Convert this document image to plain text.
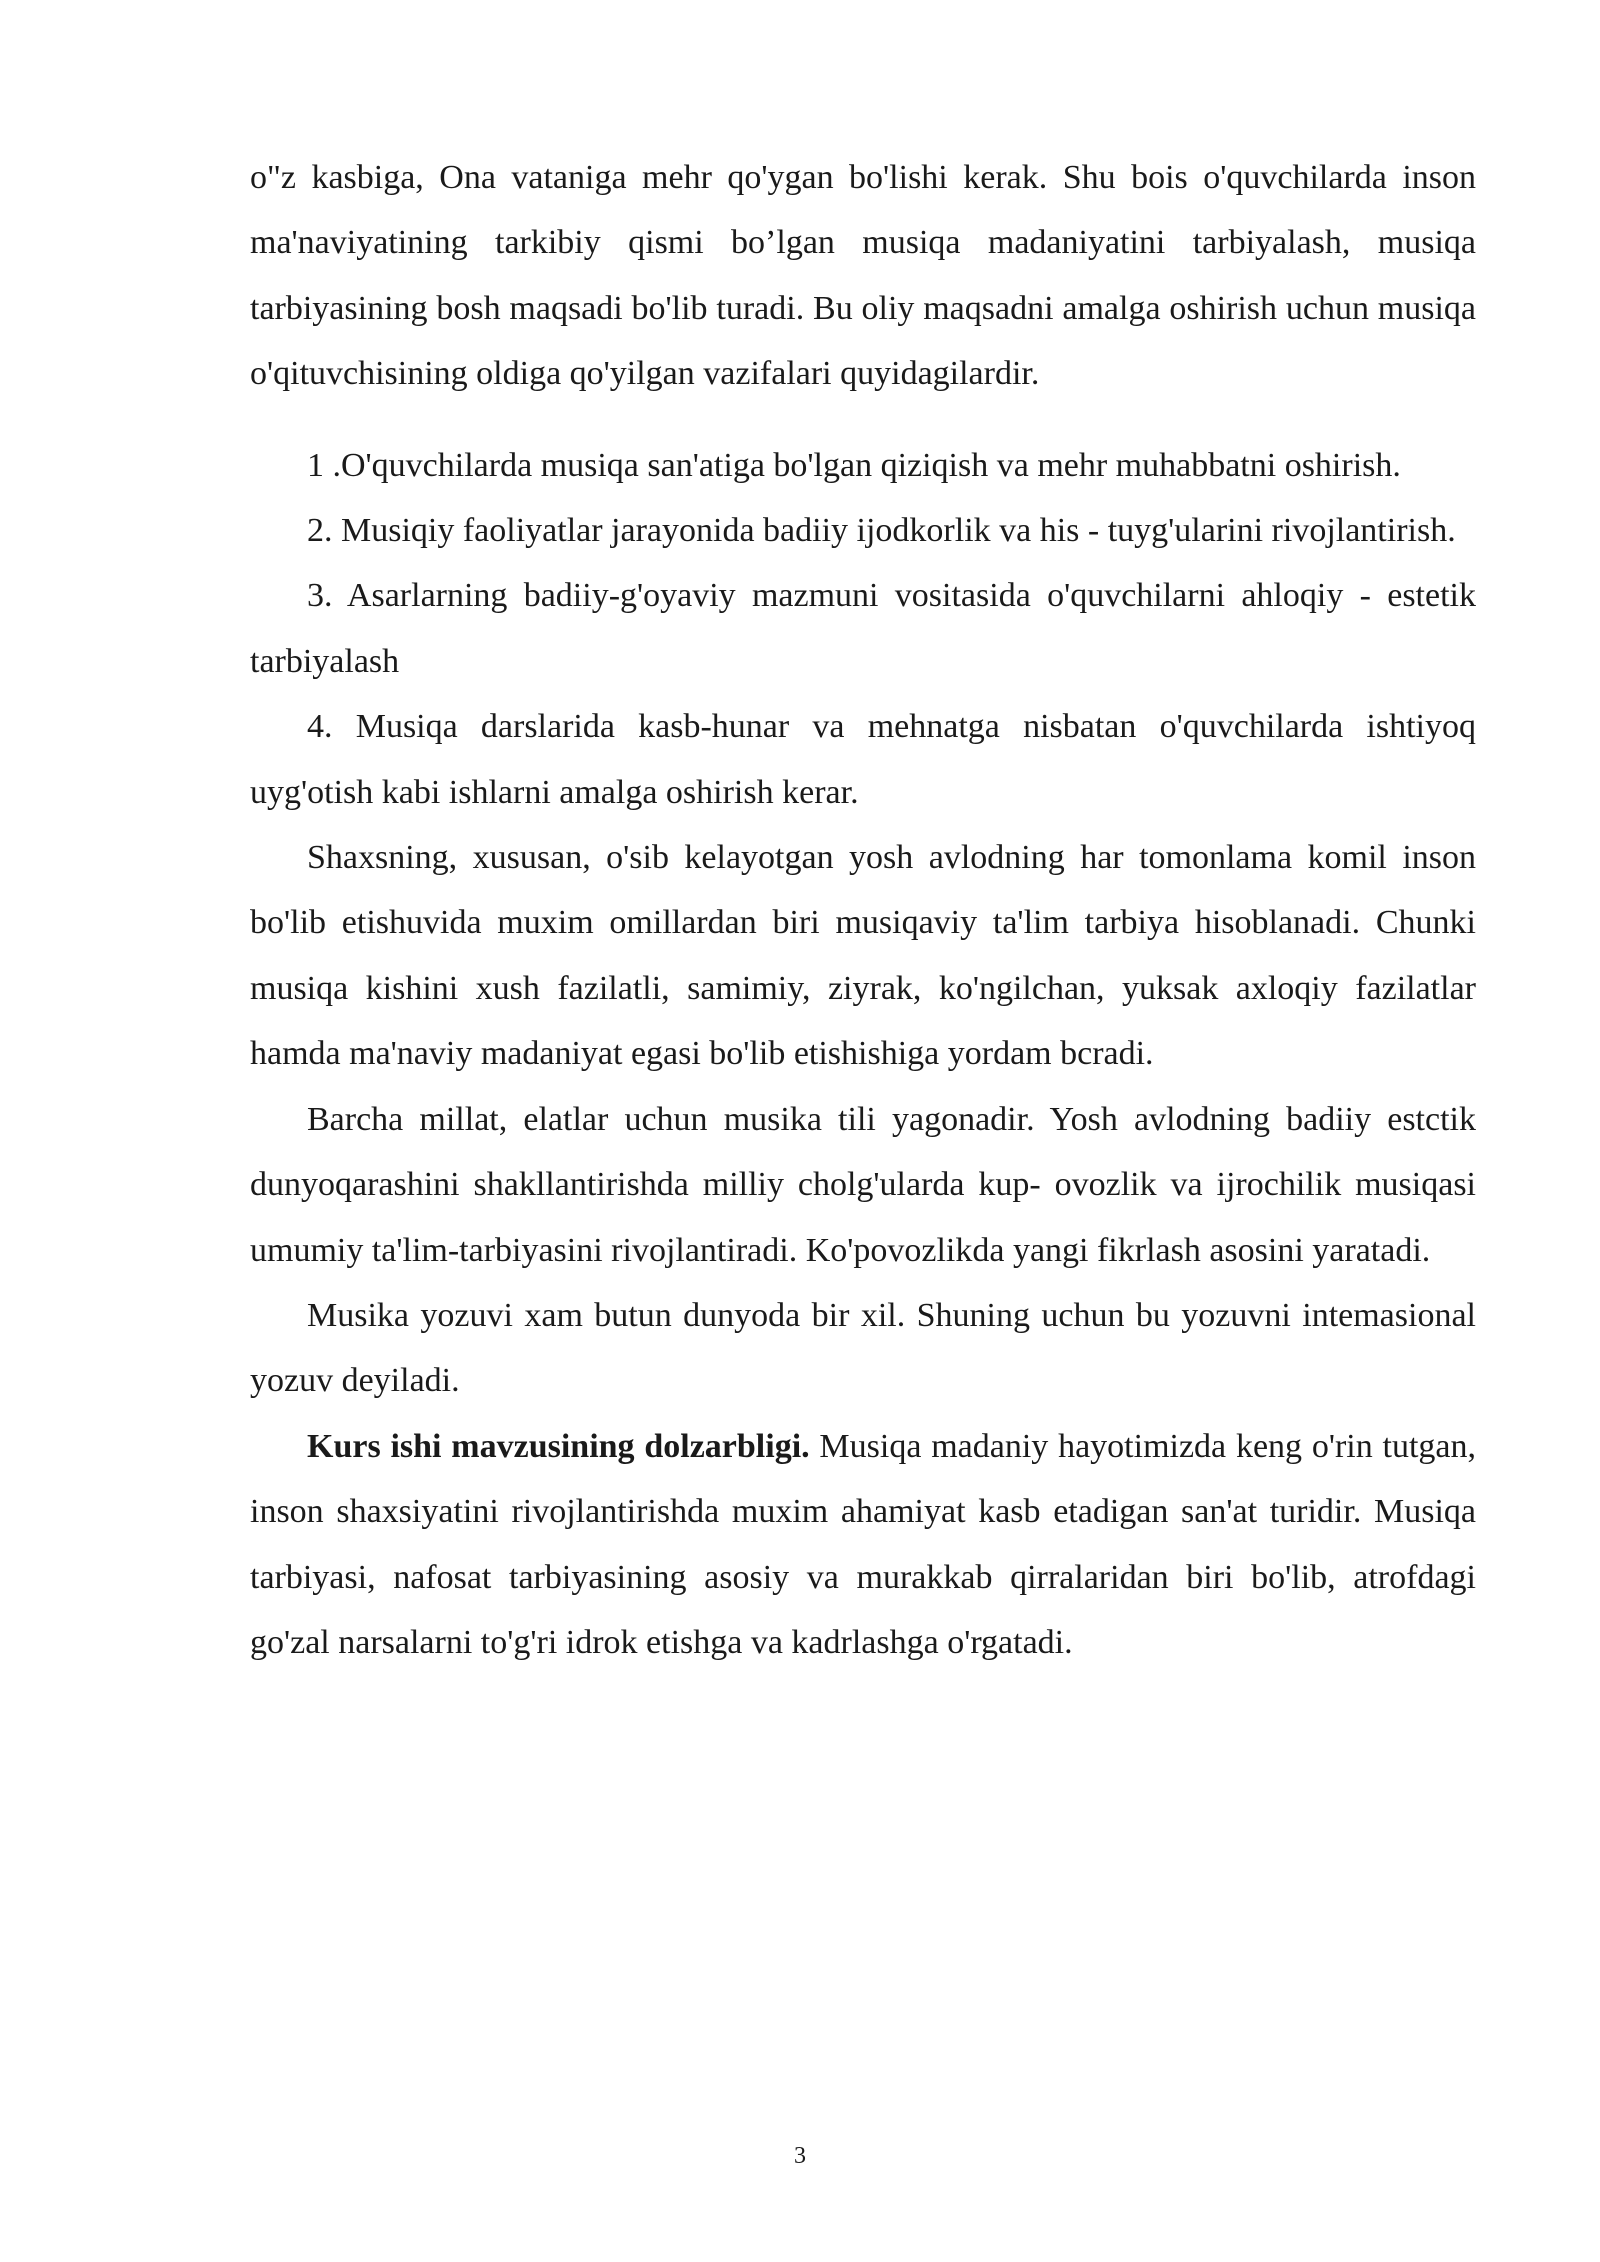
o"z kasbiga, Ona vataniga mehr qo'ygan bo'lishi kerak. Shu bois o'quvchilarda inson ma'naviyatining tarkibiy qismi bo’lgan musiqa madaniyatini tarbiyalash, musiqa tarbiyasining bosh maqsadi bo'lib turadi. Bu oliy maqsadni amalga oshirish uchun musiqa o'qituvchisining oldiga qo'yilgan vazifalari quyidagilardir.

1 .O'quvchilarda musiqa san'atiga bo'lgan qiziqish va mehr muhabbatni oshirish.

2. Musiqiy faoliyatlar jarayonida badiiy ijodkorlik va his - tuyg'ularini rivojlantirish.

3. Asarlarning badiiy-g'oyaviy mazmuni vositasida o'quvchilarni ahloqiy - estetik tarbiyalash

4. Musiqa darslarida kasb-hunar va mehnatga nisbatan o'quvchilarda ishtiyoq uyg'otish kabi ishlarni amalga oshirish kerar.

Shaxsning, xususan, o'sib kelayotgan yosh avlodning har tomonlama komil inson bo'lib etishuvida muxim omillardan biri musiqaviy ta'lim tarbiya hisoblanadi. Chunki musiqa kishini xush fazilatli, samimiy, ziyrak, ko'ngilchan, yuksak axloqiy fazilatlar hamda ma'naviy madaniyat egasi bo'lib etishishiga yordam bcradi.

Barcha millat, elatlar uchun musika tili yagonadir. Yosh avlodning badiiy estctik dunyoqarashini shakllantirishda milliy cholg'ularda kup- ovozlik va ijrochilik musiqasi umumiy ta'lim-tarbiyasini rivojlantiradi. Ko'povozlikda yangi fikrlash asosini yaratadi.

Musika yozuvi xam butun dunyoda bir xil. Shuning uchun bu yozuvni intemasional yozuv deyiladi.

Kurs ishi mavzusining dolzarbligi. Musiqa madaniy hayotimizda keng o'rin tutgan, inson shaxsiyatini rivojlantirishda muxim ahamiyat kasb etadigan san'at turidir. Musiqa tarbiyasi, nafosat tarbiyasining asosiy va murakkab qirralaridan biri bo'lib, atrofdagi go'zal narsalarni to'g'ri idrok etishga va kadrlashga o'rgatadi.

3
